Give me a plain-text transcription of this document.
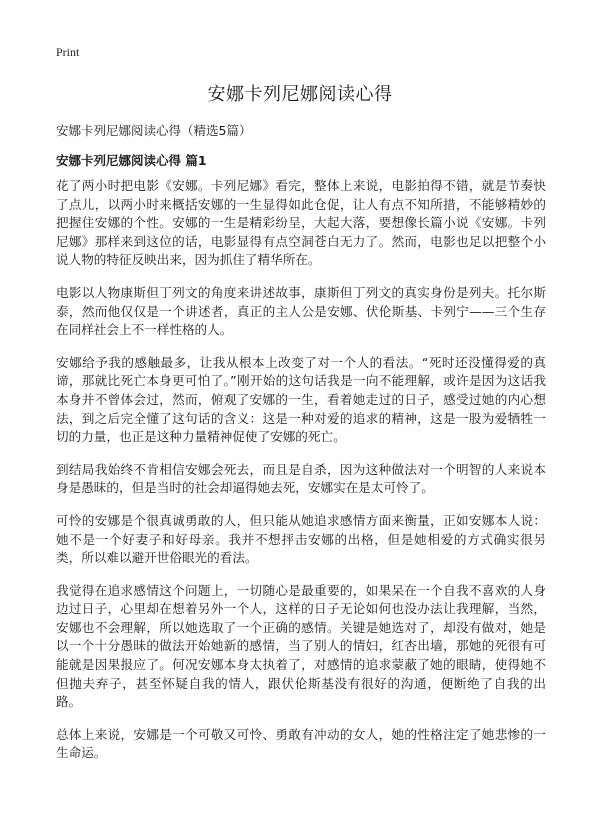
Print
安娜卡列尼娜阅读心得

安娜卡列尼娜阅读心得（精选5篇）

安娜卡列尼娜阅读心得 篇1

花了两小时把电影《安娜。卡列尼娜》看完，整体上来说，电影拍得不错，就是节奏快了点儿，以两小时来概括安娜的一生显得如此仓促，让人有点不知所措，不能够精妙的把握住安娜的个性。安娜的一生是精彩纷呈，大起大落，要想像长篇小说《安娜。卡列尼娜》那样来到这位的话，电影显得有点空洞苍白无力了。然而，电影也足以把整个小说人物的特征反映出来，因为抓住了精华所在。

电影以人物康斯但丁列文的角度来讲述故事，康斯但丁列文的真实身份是列夫。托尔斯泰，然而他仅仅是一个讲述者，真正的主人公是安娜、伏伦斯基、卡列宁——三个生存在同样社会上不一样性格的人。

安娜给予我的感触最多，让我从根本上改变了对一个人的看法。“死时还没懂得爱的真谛，那就比死亡本身更可怕了。”刚开始的这句话我是一向不能理解，或许是因为这话我本身并不曾体会过，然而，俯观了安娜的一生，看着她走过的日子，感受过她的内心想法，到之后完全懂了这句话的含义：这是一种对爱的追求的精神，这是一股为爱牺牲一切的力量，也正是这种力量精神促使了安娜的死亡。

到结局我始终不肯相信安娜会死去，而且是自杀，因为这种做法对一个明智的人来说本身是愚昧的，但是当时的社会却逼得她去死，安娜实在是太可怜了。

可怜的安娜是个很真诚勇敢的人，但只能从她追求感情方面来衡量，正如安娜本人说：她不是一个好妻子和好母亲。我并不想抨击安娜的出格，但是她相爱的方式确实很另类，所以难以避开世俗眼光的看法。

我觉得在追求感情这个问题上，一切随心是最重要的，如果呆在一个自我不喜欢的人身边过日子，心里却在想着另外一个人，这样的日子无论如何也没办法让我理解，当然，安娜也不会理解，所以她选取了一个正确的感情。关键是她选对了，却没有做对，她是以一个十分愚昧的做法开始她新的感情，当了别人的情妇，红杏出墙，那她的死很有可能就是因果报应了。何况安娜本身太执着了，对感情的追求蒙蔽了她的眼睛，使得她不但抛夫弃子，甚至怀疑自我的情人，跟伏伦斯基没有很好的沟通，便断绝了自我的出路。

总体上来说，安娜是一个可敬又可怜、勇敢有冲动的女人，她的性格注定了她悲惨的一生命运。
